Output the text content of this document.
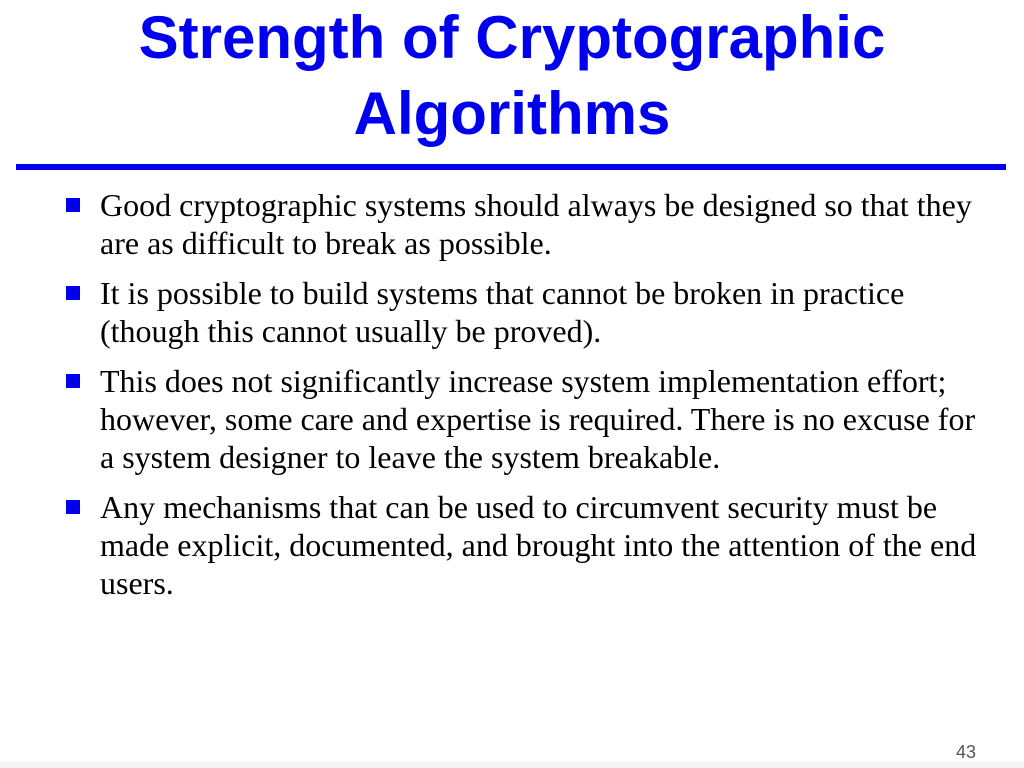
Strength of Cryptographic
Algorithms
Good cryptographic systems should always be designed so that they are as difficult to break as possible.
It is possible to build systems that cannot be broken in practice (though this cannot usually be proved).
This does not significantly increase system implementation effort; however, some care and expertise is required. There is no excuse for a system designer to leave the system breakable.
Any mechanisms that can be used to circumvent security must be made explicit, documented, and brought into the attention of the end users.
43
